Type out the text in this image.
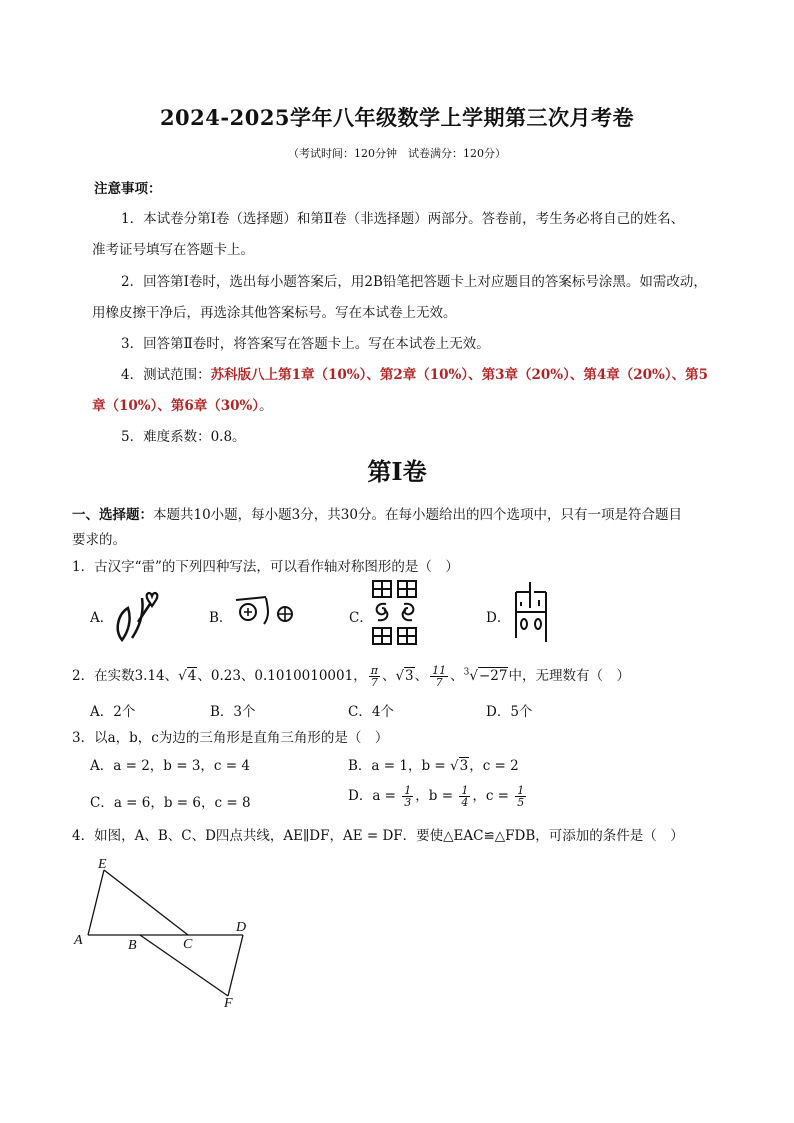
2024-2025学年八年级数学上学期第三次月考卷
（考试时间：120分钟　试卷满分：120分）
注意事项：
1．本试卷分第Ⅰ卷（选择题）和第Ⅱ卷（非选择题）两部分。答卷前，考生务必将自己的姓名、
准考证号填写在答题卡上。
2．回答第Ⅰ卷时，选出每小题答案后，用2B铅笔把答题卡上对应题目的答案标号涂黑。如需改动，
用橡皮擦干净后，再选涂其他答案标号。写在本试卷上无效。
3．回答第Ⅱ卷时，将答案写在答题卡上。写在本试卷上无效。
4．测试范围：苏科版八上第1章（10%）、第2章（10%）、第3章（20%）、第4章（20%）、第5
章（10%）、第6章（30%）。
5．难度系数：0.8。
第Ⅰ卷
一、选择题：本题共10小题，每小题3分，共30分。在每小题给出的四个选项中，只有一项是符合题目
要求的。
1．古汉字“雷”的下列四种写法，可以看作轴对称图形的是（　）
A．	B．	C．	D．
2．在实数3.14、√4、0.23、0.1010010001， $\frac{\pi}{7}$ 、√3、 $\frac{11}{7}$ 、$^3$√−27中，无理数有（　）
A．2个	B．3个	C．4个	D．5个
3．以a，b，c为边的三角形是直角三角形的是（　）
A．a = 2，b = 3，c = 4	B．a = 1，b = √3，c = 2
C．a = 6，b = 6，c = 8	D．$a = \frac{1}{3}$ ，$b = \frac{1}{4}$ ，$c = \frac{1}{5}$
4．如图，A、B、C、D四点共线，AE∥DF，AE = DF．要使△EAC≌△FDB，可添加的条件是（　）
E
A	B	C
D
F
